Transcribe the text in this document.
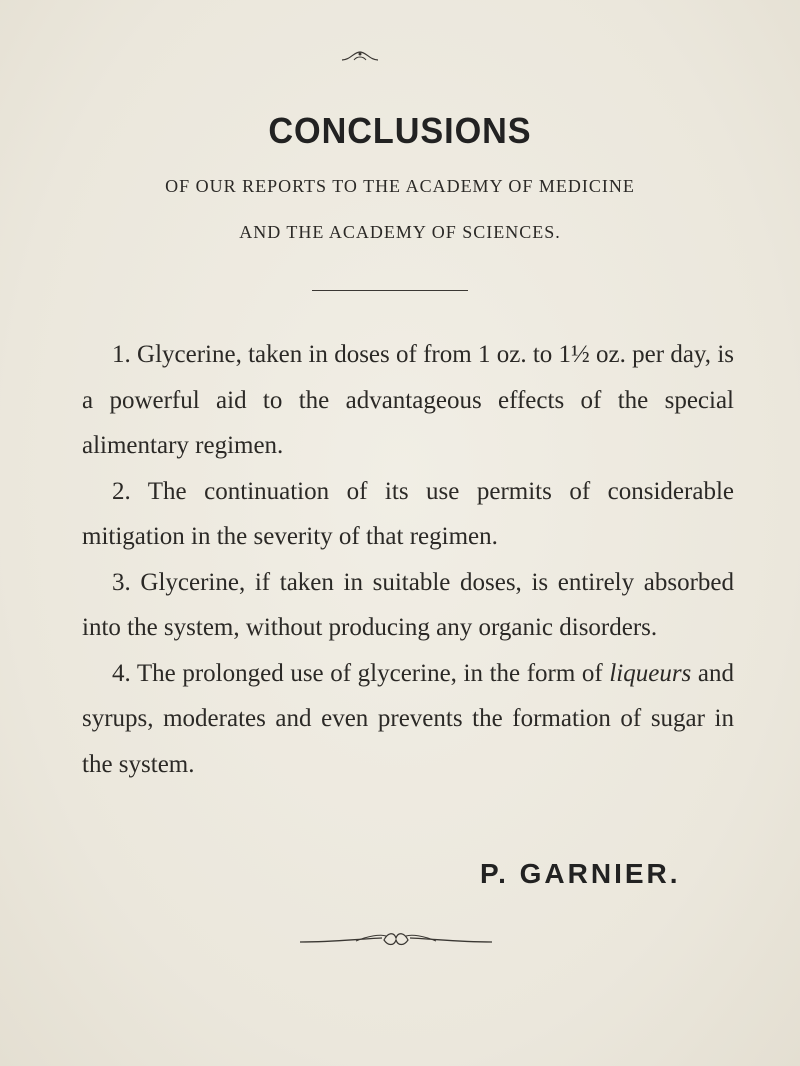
CONCLUSIONS
OF OUR REPORTS TO THE ACADEMY OF MEDICINE
AND THE ACADEMY OF SCIENCES.

1. Glycerine, taken in doses of from 1 oz. to 1½ oz. per day, is a powerful aid to the advantageous effects of the special alimentary regimen.

2. The continuation of its use permits of considerable mitigation in the severity of that regimen.

3. Glycerine, if taken in suitable doses, is entirely absorbed into the system, without producing any organic disorders.

4. The prolonged use of glycerine, in the form of liqueurs and syrups, moderates and even prevents the formation of sugar in the system.

P. GARNIER.
